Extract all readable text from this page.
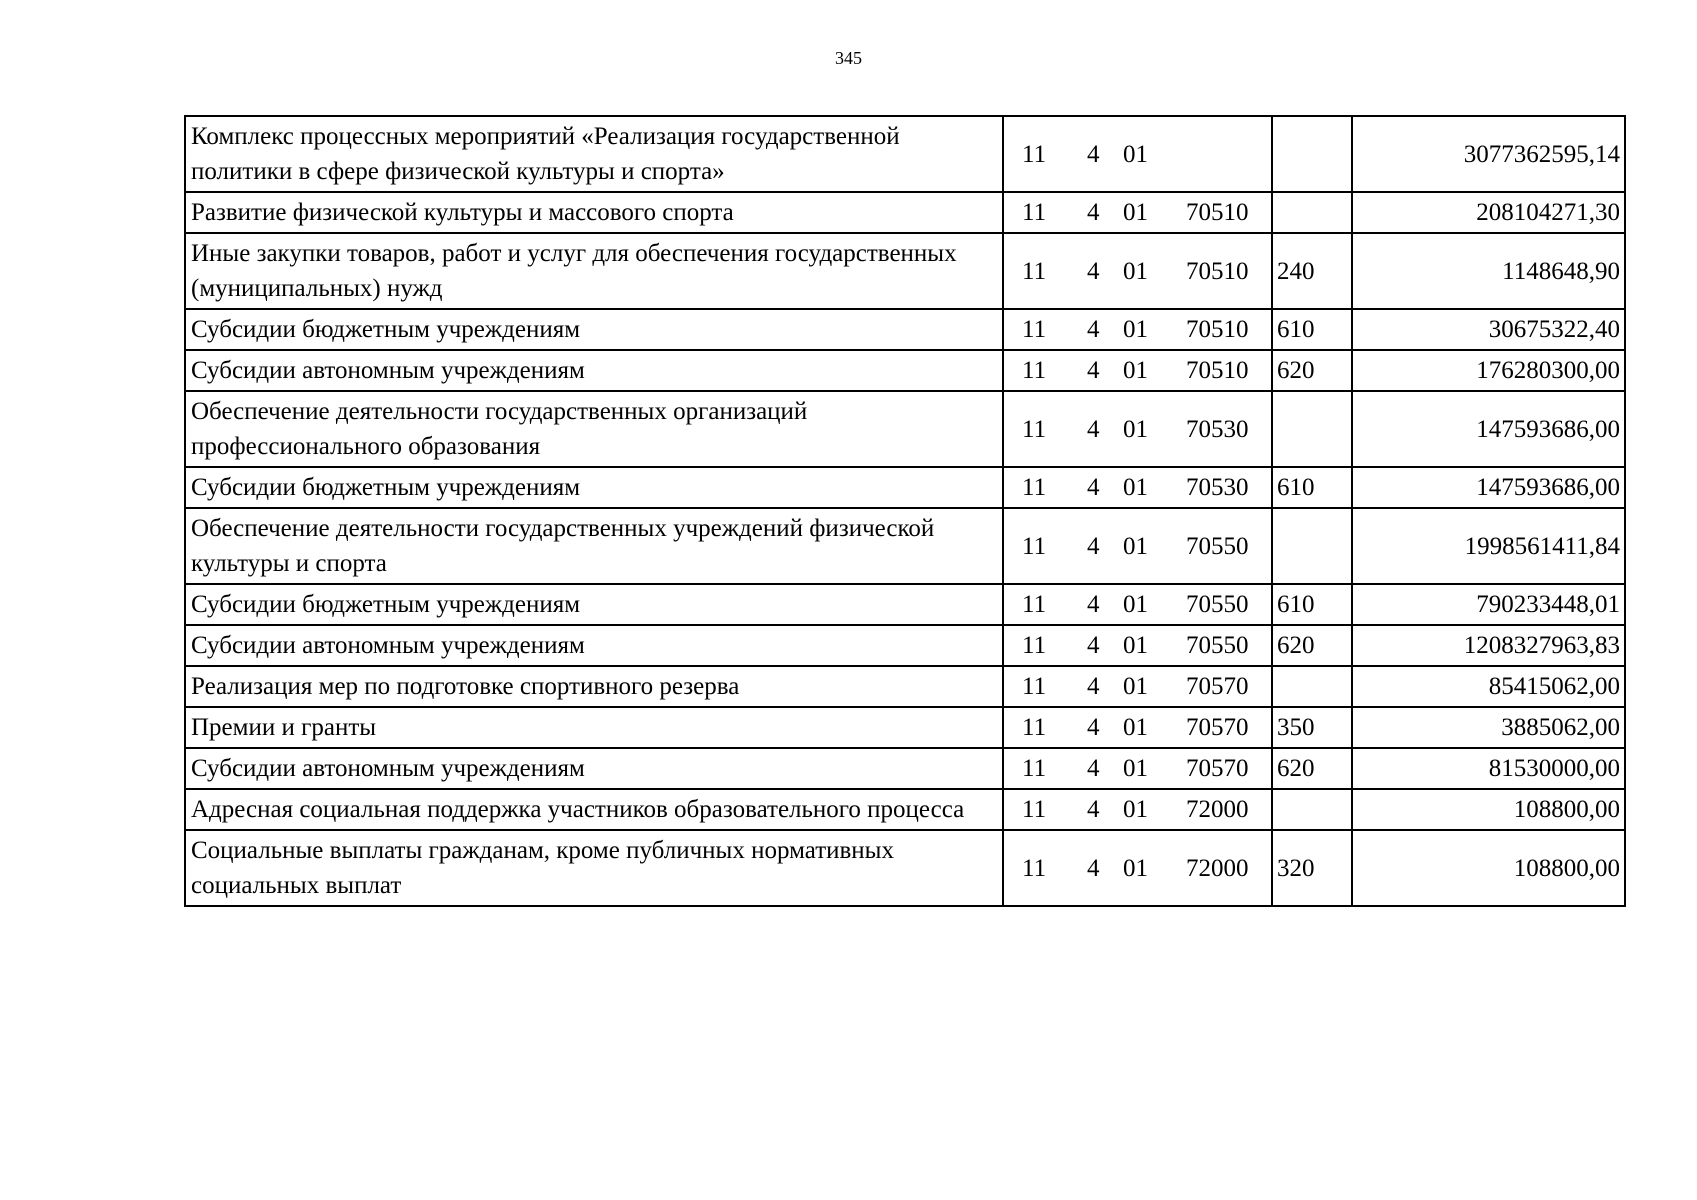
345
Комплекс процессных мероприятий «Реализация государственной политики в сфере физической культуры и спорта»	11 4 01		3077362595,14
Развитие физической культуры и массового спорта	11 4 01 70510		208104271,30
Иные закупки товаров, работ и услуг для обеспечения государственных (муниципальных) нужд	11 4 01 70510	240	1148648,90
Субсидии бюджетным учреждениям	11 4 01 70510	610	30675322,40
Субсидии автономным учреждениям	11 4 01 70510	620	176280300,00
Обеспечение деятельности государственных организаций профессионального образования	11 4 01 70530		147593686,00
Субсидии бюджетным учреждениям	11 4 01 70530	610	147593686,00
Обеспечение деятельности государственных учреждений физической культуры и спорта	11 4 01 70550		1998561411,84
Субсидии бюджетным учреждениям	11 4 01 70550	610	790233448,01
Субсидии автономным учреждениям	11 4 01 70550	620	1208327963,83
Реализация мер по подготовке спортивного резерва	11 4 01 70570		85415062,00
Премии и гранты	11 4 01 70570	350	3885062,00
Субсидии автономным учреждениям	11 4 01 70570	620	81530000,00
Адресная социальная поддержка участников образовательного процесса	11 4 01 72000		108800,00
Социальные выплаты гражданам, кроме публичных нормативных социальных выплат	11 4 01 72000	320	108800,00
